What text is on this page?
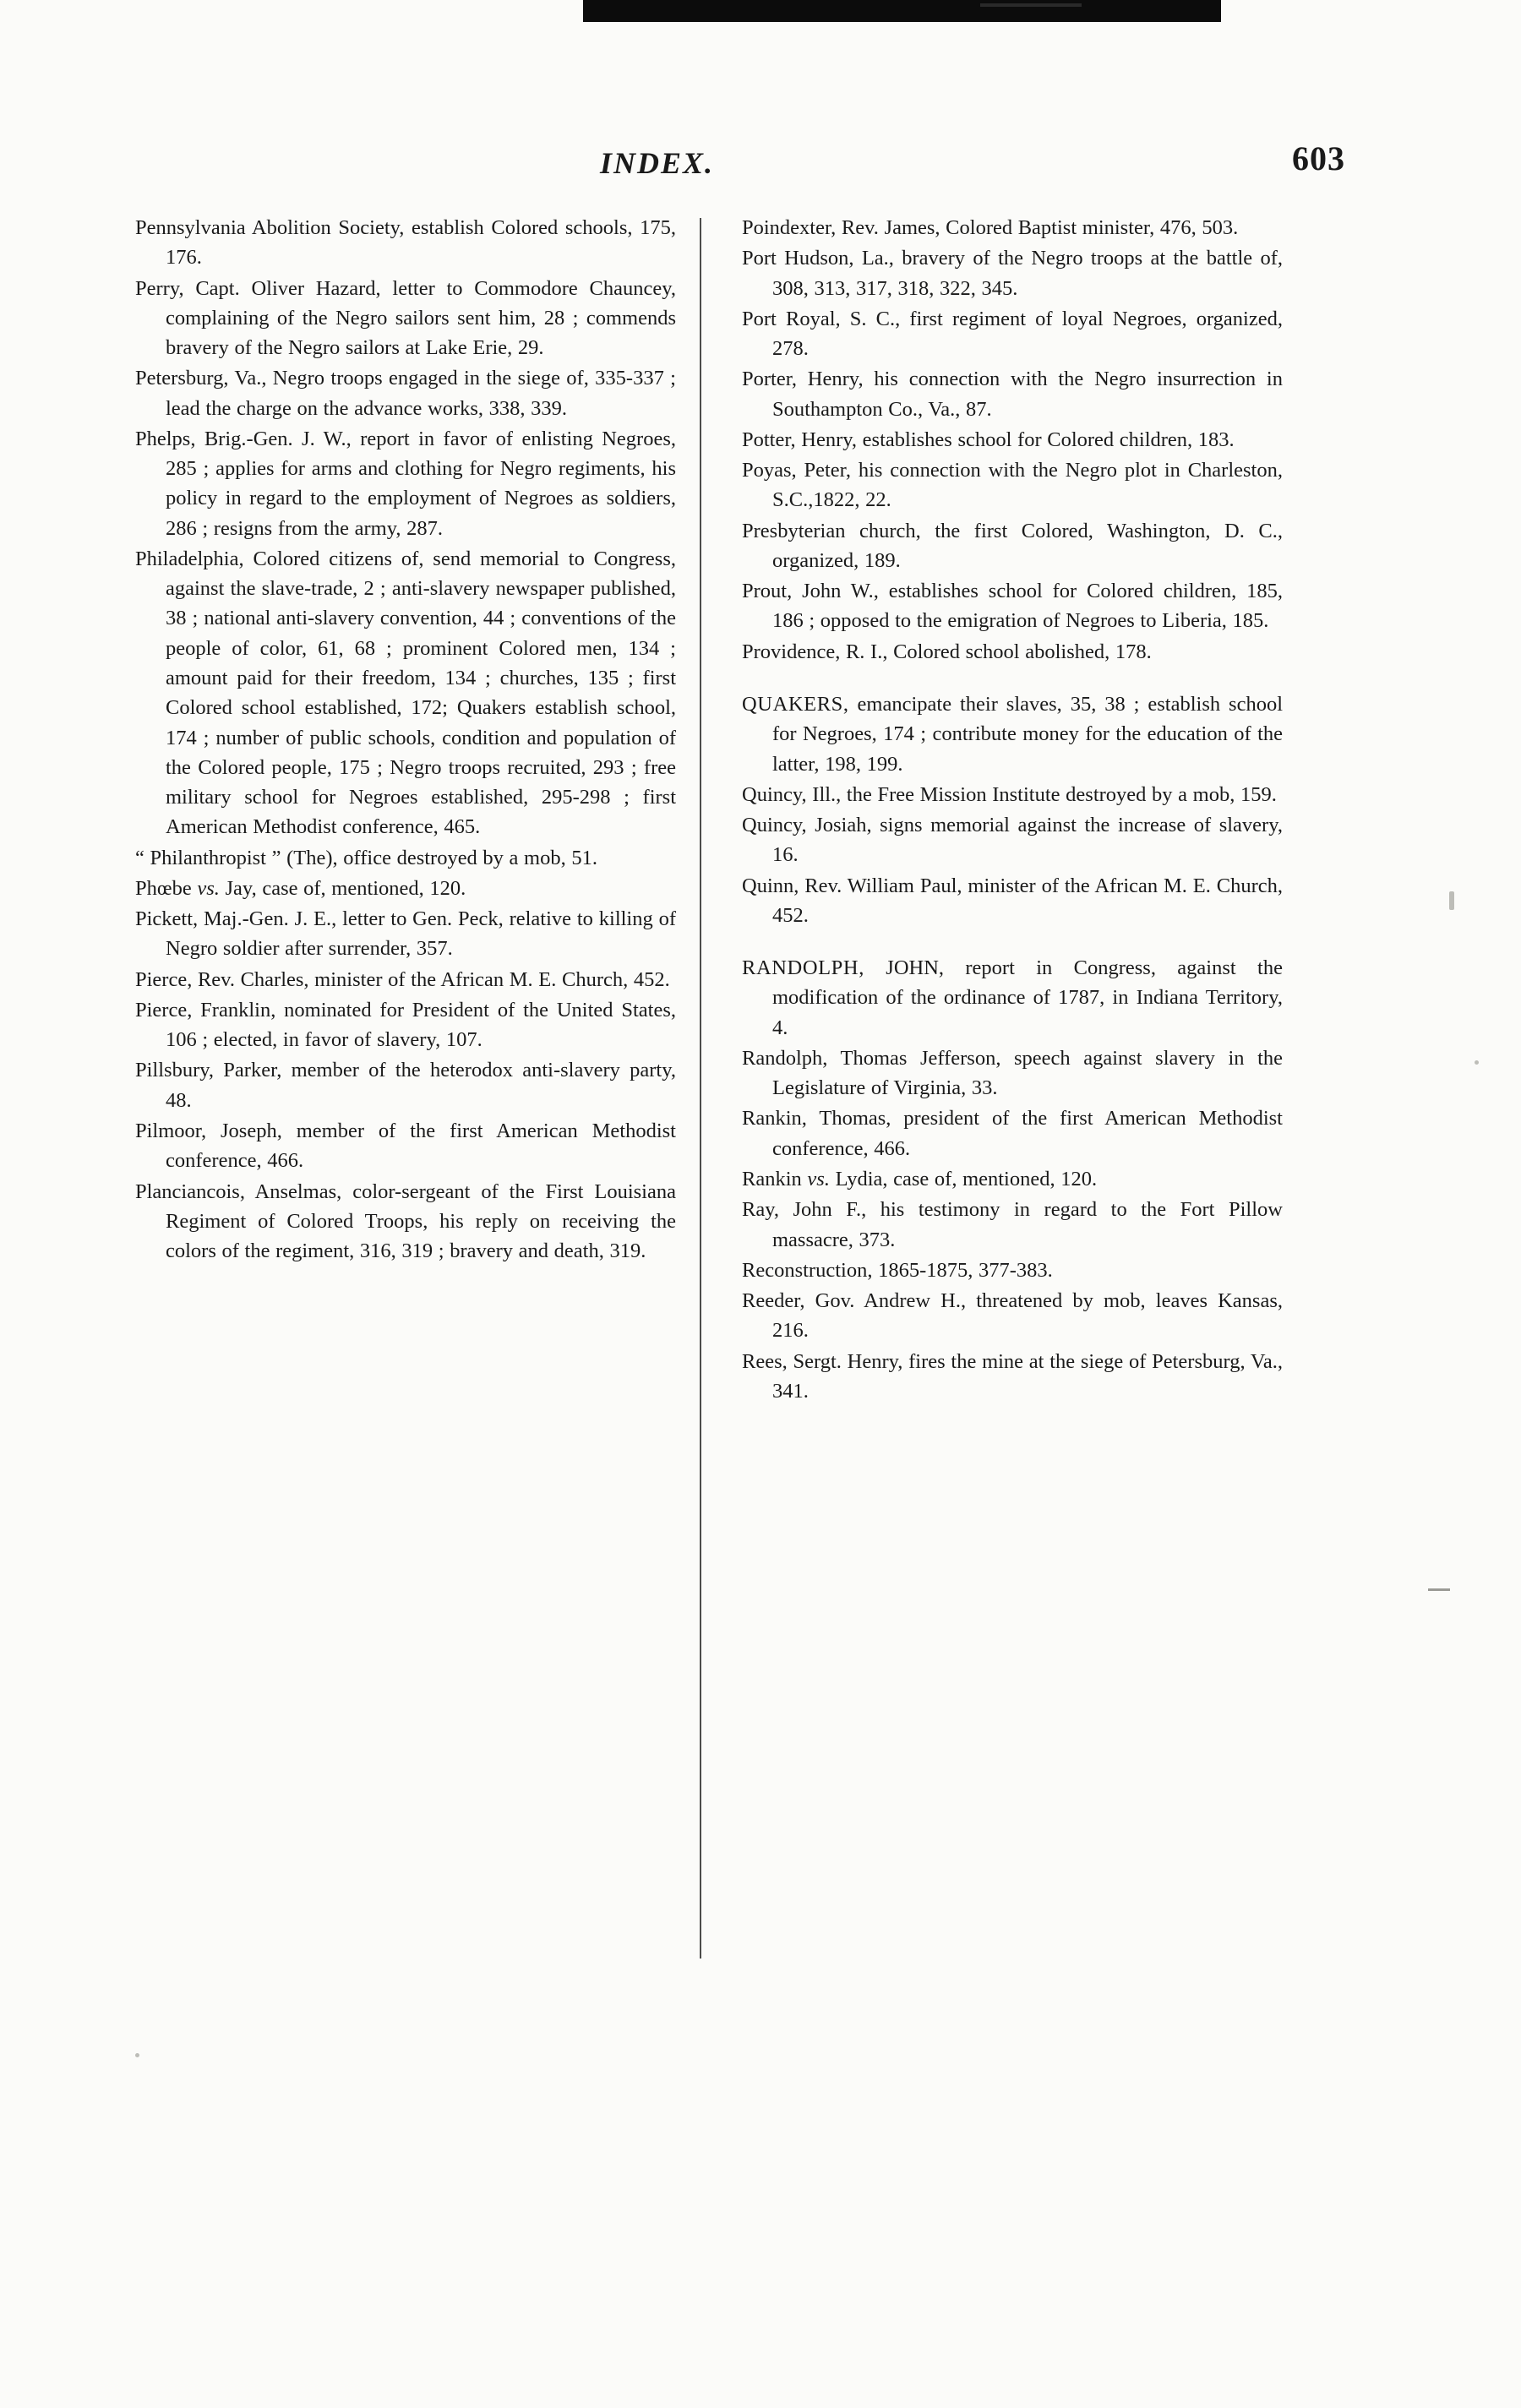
INDEX.	603

Pennsylvania Abolition Society, establish Colored schools, 175, 176.

Perry, Capt. Oliver Hazard, letter to Commodore Chauncey, complaining of the Negro sailors sent him, 28 ; commends bravery of the Negro sailors at Lake Erie, 29.

Petersburg, Va., Negro troops engaged in the siege of, 335-337 ; lead the charge on the advance works, 338, 339.

Phelps, Brig.-Gen. J. W., report in favor of enlisting Negroes, 285 ; applies for arms and clothing for Negro regiments, his policy in regard to the employment of Negroes as soldiers, 286 ; resigns from the army, 287.

Philadelphia, Colored citizens of, send memorial to Congress, against the slave-trade, 2 ; anti-slavery newspaper published, 38 ; national anti-slavery convention, 44 ; conventions of the people of color, 61, 68 ; prominent Colored men, 134 ; amount paid for their freedom, 134 ; churches, 135 ; first Colored school established, 172; Quakers establish school, 174 ; number of public schools, condition and population of the Colored people, 175 ; Negro troops recruited, 293 ; free military school for Negroes established, 295-298 ; first American Methodist conference, 465.

“ Philanthropist ” (The), office destroyed by a mob, 51.

Phœbe vs. Jay, case of, mentioned, 120.

Pickett, Maj.-Gen. J. E., letter to Gen. Peck, relative to killing of Negro soldier after surrender, 357.

Pierce, Rev. Charles, minister of the African M. E. Church, 452.

Pierce, Franklin, nominated for President of the United States, 106 ; elected, in favor of slavery, 107.

Pillsbury, Parker, member of the heterodox anti-slavery party, 48.

Pilmoor, Joseph, member of the first American Methodist conference, 466.

Planciancois, Anselmas, color-sergeant of the First Louisiana Regiment of Colored Troops, his reply on receiving the colors of the regiment, 316, 319 ; bravery and death, 319.

Poindexter, Rev. James, Colored Baptist minister, 476, 503.

Port Hudson, La., bravery of the Negro troops at the battle of, 308, 313, 317, 318, 322, 345.

Port Royal, S. C., first regiment of loyal Negroes, organized, 278.

Porter, Henry, his connection with the Negro insurrection in Southampton Co., Va., 87.

Potter, Henry, establishes school for Colored children, 183.

Poyas, Peter, his connection with the Negro plot in Charleston, S.C.,1822, 22.

Presbyterian church, the first Colored, Washington, D. C., organized, 189.

Prout, John W., establishes school for Colored children, 185, 186 ; opposed to the emigration of Negroes to Liberia, 185.

Providence, R. I., Colored school abolished, 178.

QUAKERS, emancipate their slaves, 35, 38 ; establish school for Negroes, 174 ; contribute money for the education of the latter, 198, 199.

Quincy, Ill., the Free Mission Institute destroyed by a mob, 159.

Quincy, Josiah, signs memorial against the increase of slavery, 16.

Quinn, Rev. William Paul, minister of the African M. E. Church, 452.

RANDOLPH, JOHN, report in Congress, against the modification of the ordinance of 1787, in Indiana Territory, 4.

Randolph, Thomas Jefferson, speech against slavery in the Legislature of Virginia, 33.

Rankin, Thomas, president of the first American Methodist conference, 466.

Rankin vs. Lydia, case of, mentioned, 120.

Ray, John F., his testimony in regard to the Fort Pillow massacre, 373.

Reconstruction, 1865-1875, 377-383.

Reeder, Gov. Andrew H., threatened by mob, leaves Kansas, 216.

Rees, Sergt. Henry, fires the mine at the siege of Petersburg, Va., 341.
